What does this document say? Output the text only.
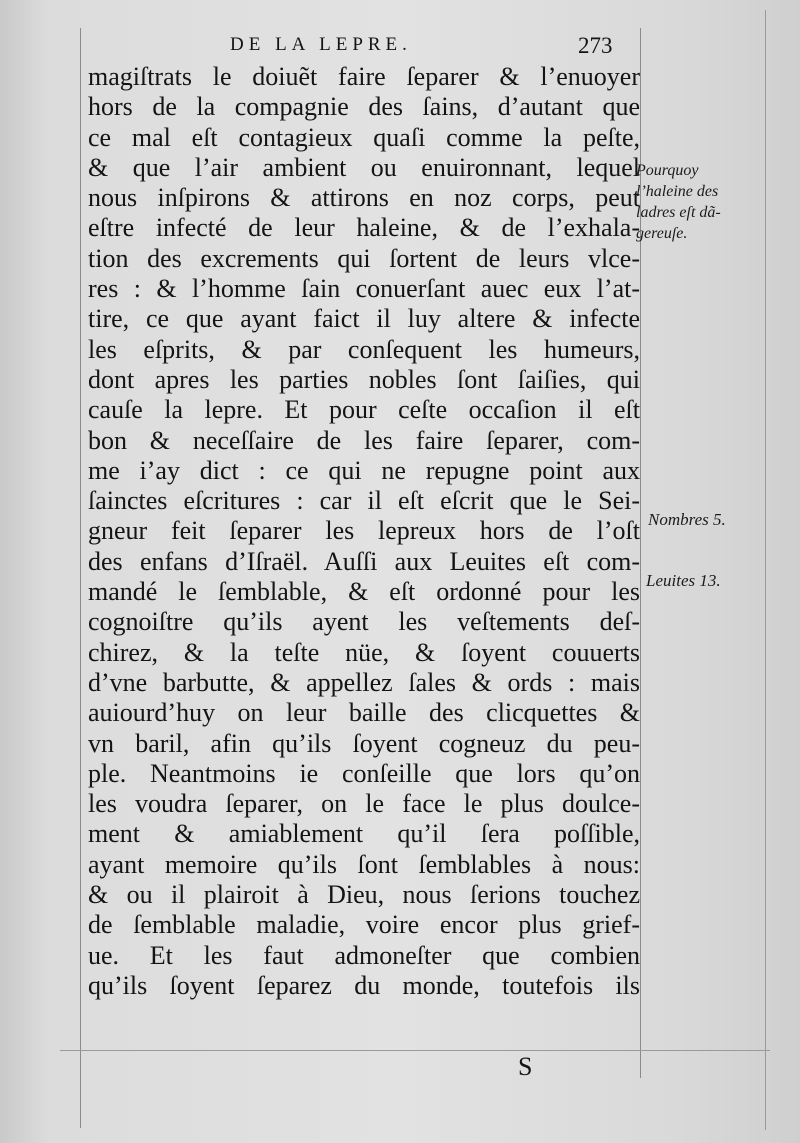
DE LA LEPRE.	273
magiſtrats le doiuẽt faire ſeparer & l’enuoyer
hors de la compagnie des ſains, d’autant que
ce mal eſt contagieux quaſi comme la peſte,
& que l’air ambient ou enuironnant, lequel
nous inſpirons & attirons en noz corps, peut
eſtre infecté de leur haleine, & de l’exhala-
tion des excrements qui ſortent de leurs vlce-
res : & l’homme ſain conuerſant auec eux l’at-
tire, ce que ayant faict il luy altere & infecte
les eſprits, & par conſequent les humeurs,
dont apres les parties nobles ſont ſaiſies, qui
cauſe la lepre. Et pour ceſte occaſion il eſt
bon & neceſſaire de les faire ſeparer, com-
me i’ay dict : ce qui ne repugne point aux
ſainctes eſcritures : car il eſt eſcrit que le Sei-
gneur feit ſeparer les lepreux hors de l’oſt
des enfans d’Iſraël. Auſſi aux Leuites eſt com-
mandé le ſemblable, & eſt ordonné pour les
cognoiſtre qu’ils ayent les veſtements deſ-
chirez, & la teſte nüe, & ſoyent couuerts
d’vne barbutte, & appellez ſales & ords : mais
auiourd’huy on leur baille des clicquettes &
vn baril, afin qu’ils ſoyent cogneuz du peu-
ple. Neantmoins ie conſeille que lors qu’on
les voudra ſeparer, on le face le plus doulce-
ment & amiablement qu’il ſera poſſible,
ayant memoire qu’ils ſont ſemblables à nous:
& ou il plairoit à Dieu, nous ſerions touchez
de ſemblable maladie, voire encor plus grief-
ue. Et les faut admoneſter que combien
qu’ils ſoyent ſeparez du monde, toutefois ils
Pourquoy
l’haleine des
ladres eſt dã-
gereuſe.
Nombres 5.
Leuites 13.
S
